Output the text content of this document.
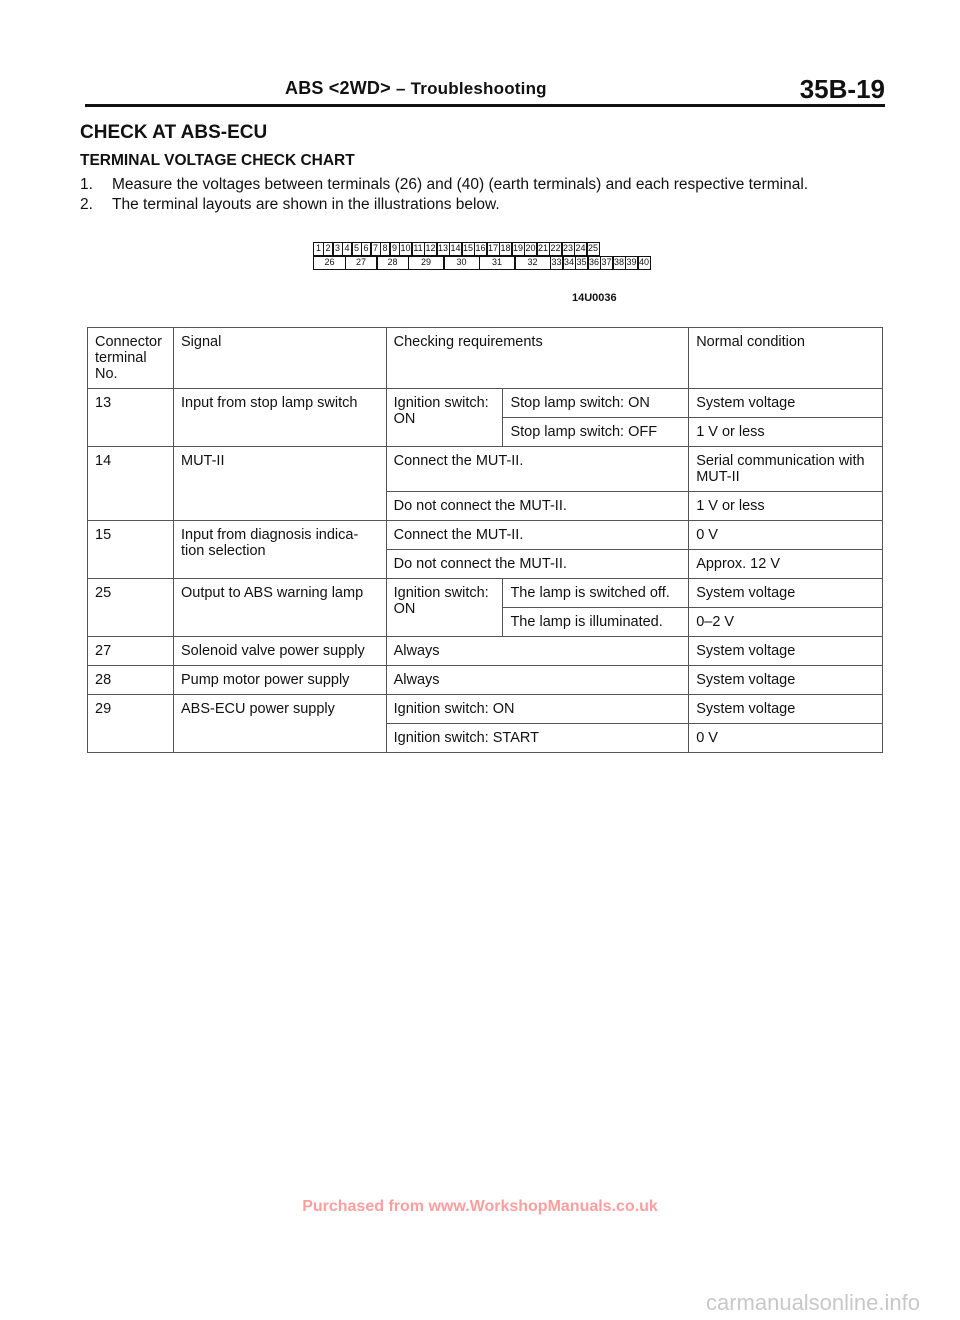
ABS <2WD> – Troubleshooting	35B-19
CHECK AT ABS-ECU
TERMINAL VOLTAGE CHECK CHART
1.	Measure the voltages between terminals (26) and (40) (earth terminals) and each respective terminal.
2.	The terminal layouts are shown in the illustrations below.
1 2 3 4 5 6 7 8 9 10 11 12 13 14 15 16 17 18 19 20 21 22 23 24 25
26	27	28	29	30	31	32	33 34 35 36 37 38 39 40
14U0036
Connector terminal No.	Signal	Checking requirements		Normal condition
13	Input from stop lamp switch	Ignition switch: ON	Stop lamp switch: ON	System voltage
			Stop lamp switch: OFF	1 V or less
14	MUT-II	Connect the MUT-II.		Serial communication with MUT-II
		Do not connect the MUT-II.		1 V or less
15	Input from diagnosis indica-tion selection	Connect the MUT-II.		0 V
		Do not connect the MUT-II.		Approx. 12 V
25	Output to ABS warning lamp	Ignition switch: ON	The lamp is switched off.	System voltage
			The lamp is illuminated.	0–2 V
27	Solenoid valve power supply	Always		System voltage
28	Pump motor power supply	Always		System voltage
29	ABS-ECU power supply	Ignition switch: ON		System voltage
		Ignition switch: START		0 V
Purchased from www.WorkshopManuals.co.uk
carmanualsonline.info
